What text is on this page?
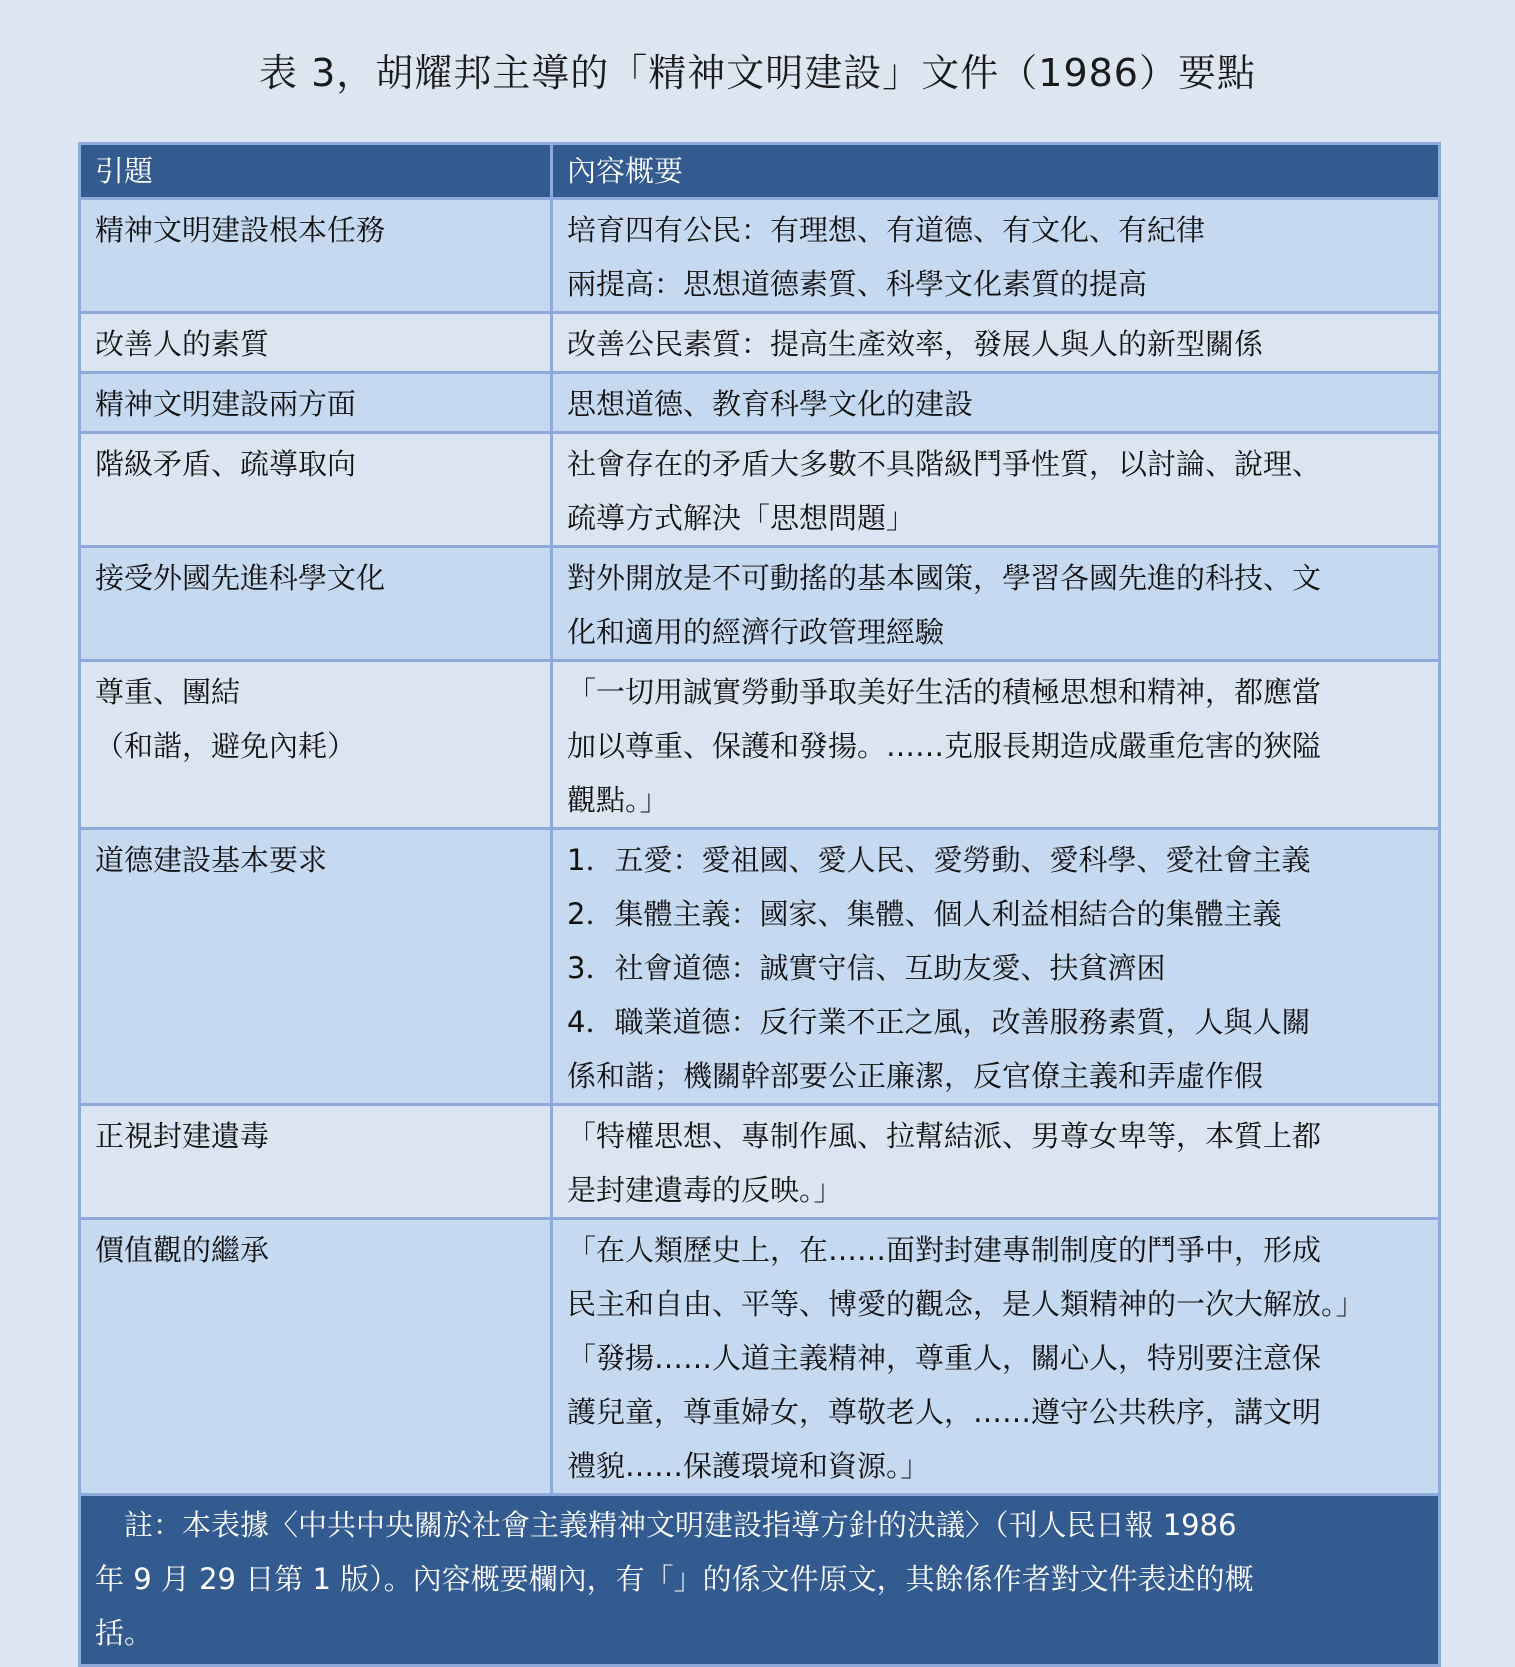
表 3，胡耀邦主導的「精神文明建設」文件（1986）要點
引題	內容概要

精神文明建設根本任務	培育四有公民：有理想、有道德、有文化、有紀律
兩提高：思想道德素質、科學文化素質的提高

改善人的素質	改善公民素質：提高生產效率，發展人與人的新型關係

精神文明建設兩方面	思想道德、教育科學文化的建設

階級矛盾、疏導取向	社會存在的矛盾大多數不具階級鬥爭性質，以討論、說理、
疏導方式解決「思想問題」

接受外國先進科學文化	對外開放是不可動搖的基本國策，學習各國先進的科技、文
化和適用的經濟行政管理經驗

尊重、團結
（和諧，避免內耗）	「一切用誠實勞動爭取美好生活的積極思想和精神，都應當
加以尊重、保護和發揚。……克服長期造成嚴重危害的狹隘
觀點。」

道德建設基本要求	1．五愛：愛祖國、愛人民、愛勞動、愛科學、愛社會主義
2．集體主義：國家、集體、個人利益相結合的集體主義
3．社會道德：誠實守信、互助友愛、扶貧濟困
4．職業道德：反行業不正之風，改善服務素質，人與人關
係和諧；機關幹部要公正廉潔，反官僚主義和弄虛作假

正視封建遺毒	「特權思想、專制作風、拉幫結派、男尊女卑等，本質上都
是封建遺毒的反映。」

價值觀的繼承	「在人類歷史上，在……面對封建專制制度的鬥爭中，形成
民主和自由、平等、博愛的觀念，是人類精神的一次大解放。」
「發揚……人道主義精神，尊重人，關心人，特別要注意保
護兒童，尊重婦女，尊敬老人，……遵守公共秩序，講文明
禮貌……保護環境和資源。」

　註：本表據〈中共中央關於社會主義精神文明建設指導方針的決議〉（刊人民日報 1986
年 9 月 29 日第 1 版）。內容概要欄內，有「」的係文件原文，其餘係作者對文件表述的概
括。	
